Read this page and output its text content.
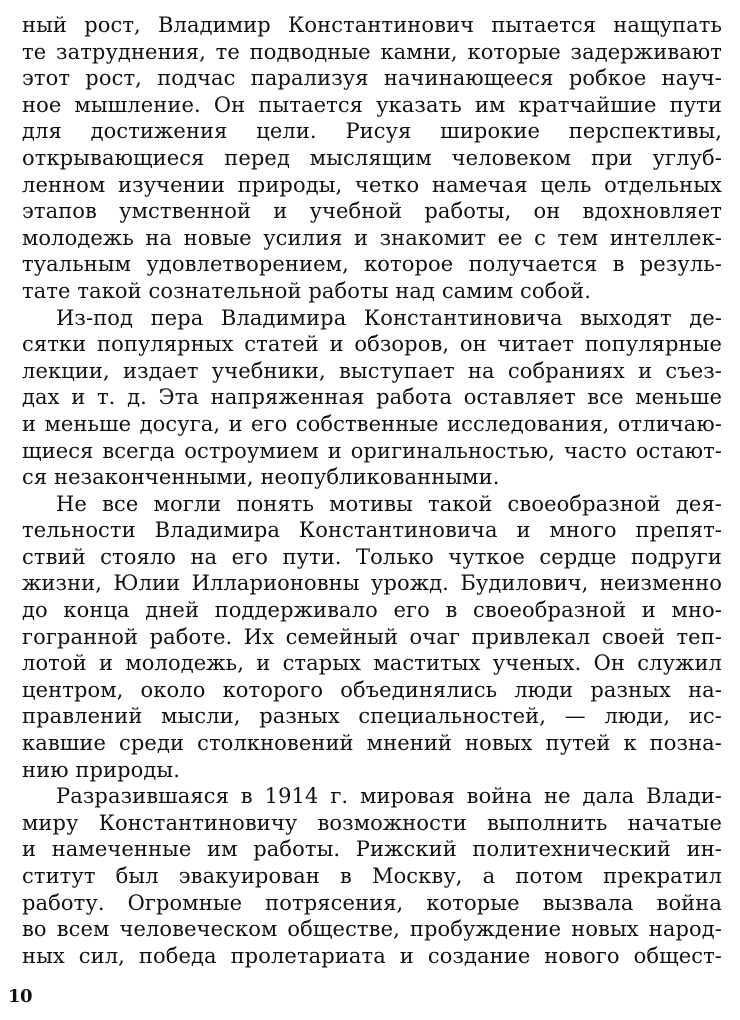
ный рост, Владимир Константинович пытается нащупать
те затруднения, те подводные камни, которые задерживают
этот рост, подчас парализуя начинающееся робкое науч-
ное мышление. Он пытается указать им кратчайшие пути
для достижения цели. Рисуя широкие перспективы,
открывающиеся перед мыслящим человеком при углуб-
ленном изучении природы, четко намечая цель отдельных
этапов умственной и учебной работы, он вдохновляет
молодежь на новые усилия и знакомит ее с тем интеллек-
туальным удовлетворением, которое получается в резуль-
тате такой сознательной работы над самим собой.
Из-под пера Владимира Константиновича выходят де-
сятки популярных статей и обзоров, он читает популярные
лекции, издает учебники, выступает на собраниях и съез-
дах и т. д. Эта напряженная работа оставляет все меньше
и меньше досуга, и его собственные исследования, отличаю-
щиеся всегда остроумием и оригинальностью, часто остают-
ся незаконченными, неопубликованными.
Не все могли понять мотивы такой своеобразной дея-
тельности Владимира Константиновича и много препят-
ствий стояло на его пути. Только чуткое сердце подруги
жизни, Юлии Илларионовны урожд. Будилович, неизменно
до конца дней поддерживало его в своеобразной и мно-
гогранной работе. Их семейный очаг привлекал своей теп-
лотой и молодежь, и старых маститых ученых. Он служил
центром, около которого объединялись люди разных на-
правлений мысли, разных специальностей, — люди, ис-
кавшие среди столкновений мнений новых путей к позна-
нию природы.
Разразившаяся в 1914 г. мировая война не дала Влади-
миру Константиновичу возможности выполнить начатые
и намеченные им работы. Рижский политехнический ин-
ститут был эвакуирован в Москву, а потом прекратил
работу. Огромные потрясения, которые вызвала война
во всем человеческом обществе, пробуждение новых народ-
ных сил, победа пролетариата и создание нового общест-
10
